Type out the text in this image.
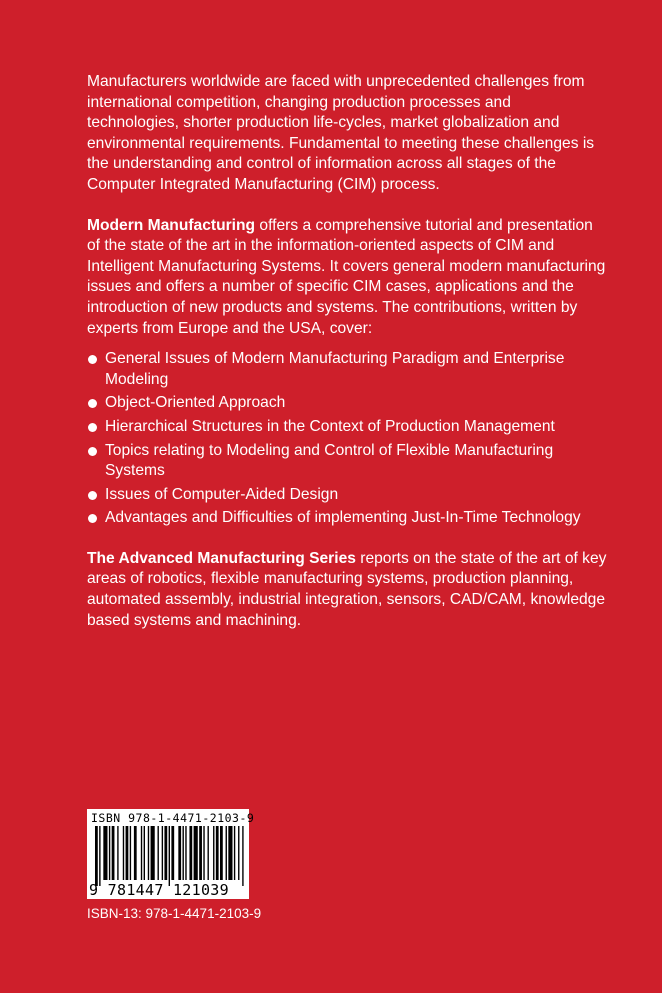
Manufacturers worldwide are faced with unprecedented challenges from international competition, changing production processes and technologies, shorter production life-cycles, market globalization and environmental requirements. Fundamental to meeting these challenges is the understanding and control of information across all stages of the Computer Integrated Manufacturing (CIM) process.

Modern Manufacturing offers a comprehensive tutorial and presentation of the state of the art in the information-oriented aspects of CIM and Intelligent Manufacturing Systems. It covers general modern manufacturing issues and offers a number of specific CIM cases, applications and the introduction of new products and systems. The contributions, written by experts from Europe and the USA, cover:

General Issues of Modern Manufacturing Paradigm and Enterprise Modeling
Object-Oriented Approach
Hierarchical Structures in the Context of Production Management
Topics relating to Modeling and Control of Flexible Manufacturing Systems
Issues of Computer-Aided Design
Advantages and Difficulties of implementing Just-In-Time Technology

The Advanced Manufacturing Series reports on the state of the art of key areas of robotics, flexible manufacturing systems, production planning, automated assembly, industrial integration, sensors, CAD/CAM, knowledge based systems and machining.

ISBN 978-1-4471-2103-9
9 781447 121039
ISBN-13: 978-1-4471-2103-9
